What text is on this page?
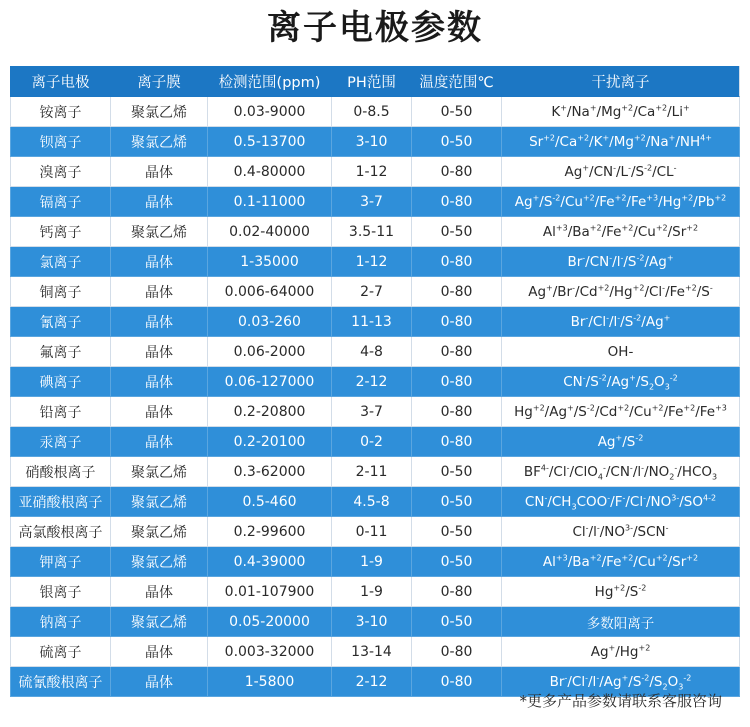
离子电极参数
离子电极	离子膜	检测范围(ppm)	PH范围	温度范围℃	干扰离子
铵离子	聚氯乙烯	0.03-9000	0-8.5	0-50	$K^+/Na^+/Mg^{+2}/Ca^{+2}/Li^+$
钡离子	聚氯乙烯	0.5-13700	3-10	0-50	$Sr^{+2}/Ca^{+2}/K^+/Mg^{+2}/Na^+/NH^{4+}$
溴离子	晶体	0.4-80000	1-12	0-80	$Ag^+/CN^-/L^-/S^{-2}/CL^-$
镉离子	晶体	0.1-11000	3-7	0-80	$Ag^+/S^{-2}/Cu^{+2}/Fe^{+2}/Fe^{+3}/Hg^{+2}/Pb^{+2}$
钙离子	聚氯乙烯	0.02-40000	3.5-11	0-50	$Al^{+3}/Ba^{+2}/Fe^{+2}/Cu^{+2}/Sr^{+2}$
氯离子	晶体	1-35000	1-12	0-80	$Br^-/CN^-/l^-/S^{-2}/Ag^+$
铜离子	晶体	0.006-64000	2-7	0-80	$Ag^+/Br^-/Cd^{+2}/Hg^{+2}/Cl^-/Fe^{+2}/S^-$
氰离子	晶体	0.03-260	11-13	0-80	$Br^-/Cl^-/l^-/S^{-2}/Ag^+$
氟离子	晶体	0.06-2000	4-8	0-80	OH-
碘离子	晶体	0.06-127000	2-12	0-80	$CN^-/S^{-2}/Ag^+/S_2O_3^{-2}$
铅离子	晶体	0.2-20800	3-7	0-80	$Hg^{+2}/Ag^+/S^{-2}/Cd^{+2}/Cu^{+2}/Fe^{+2}/Fe^{+3}$
汞离子	晶体	0.2-20100	0-2	0-80	$Ag^+/S^{-2}$
硝酸根离子	聚氯乙烯	0.3-62000	2-11	0-50	$BF^{4-}/Cl^-/ClO_4^-/CN^-/l^-/NO_2^-/HCO_3$
亚硝酸根离子	聚氯乙烯	0.5-460	4.5-8	0-50	$CN^-/CH_3COO^-/F^-/Cl^-/NO^{3-}/SO^{4-2}$
高氯酸根离子	聚氯乙烯	0.2-99600	0-11	0-50	$Cl^-/l^-/NO^{3-}/SCN^-$
钾离子	聚氯乙烯	0.4-39000	1-9	0-50	$Al^{+3}/Ba^{+2}/Fe^{+2}/Cu^{+2}/Sr^{+2}$
银离子	晶体	0.01-107900	1-9	0-80	$Hg^{+2}/S^{-2}$
钠离子	聚氯乙烯	0.05-20000	3-10	0-50	多数阳离子
硫离子	晶体	0.003-32000	13-14	0-80	$Ag^+/Hg^{+2}$
硫氰酸根离子	晶体	1-5800	2-12	0-80	$Br^-/Cl^-/l^-/Ag^+/S^{-2}/S_2O_3^{-2}$
*更多产品参数请联系客服咨询
